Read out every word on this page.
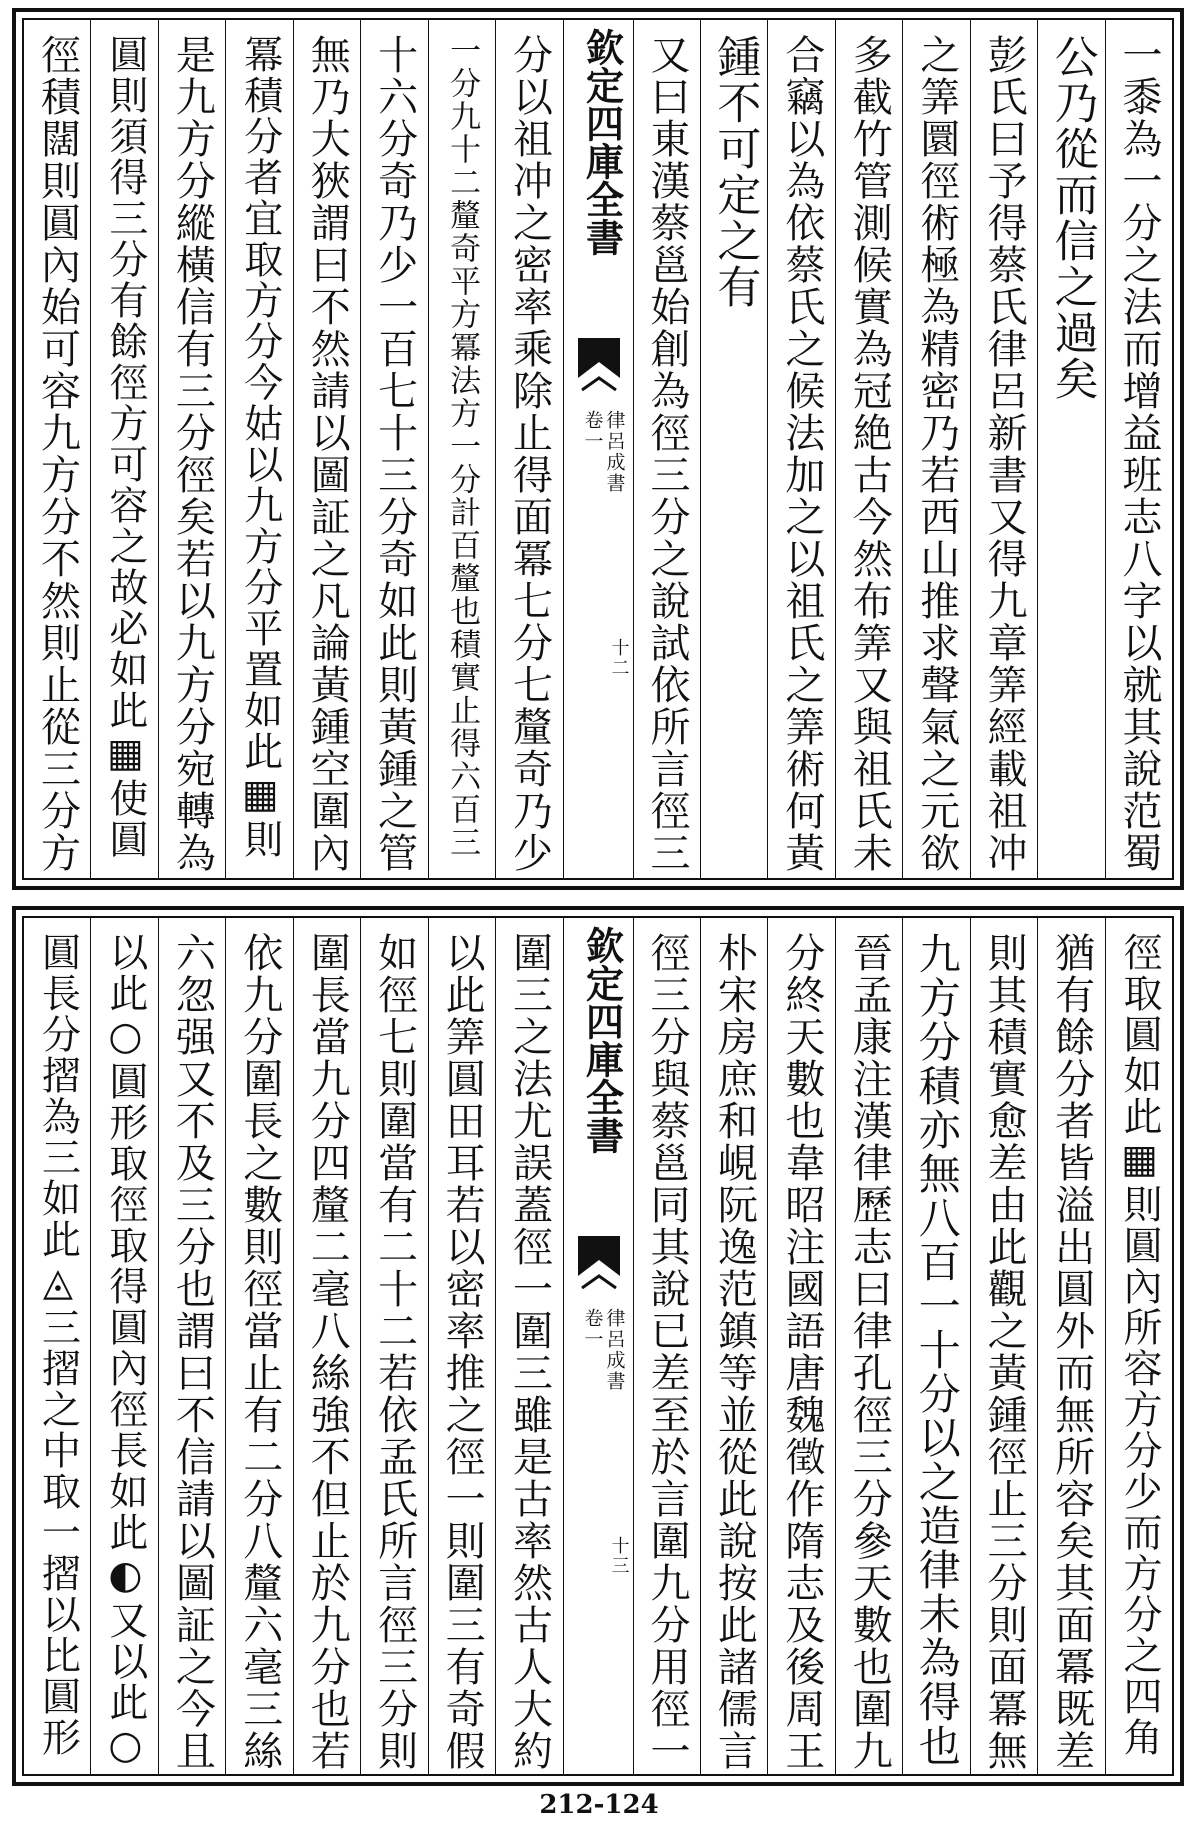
一黍為一分之法而增益班志八字以就其說范蜀
公乃從而信之過矣
彭氏曰予得蔡氏律呂新書又得九章筭經載祖冲
之筭圜徑術極為精密乃若西山推求聲氣之元欲
多截竹管測候實為冠絶古今然布筭又與祖氏未
合竊以為依蔡氏之候法加之以祖氏之筭術何黃
鍾不可定之有
又曰東漢蔡邕始創為徑三分之說試依所言徑三
欽定四庫全書
律呂成書
卷一
十二
分以祖冲之密率乘除止得面冪七分七釐奇乃少
一分九十二釐奇平方冪法方一分計百釐也積實止得六百三
十六分奇乃少一百七十三分奇如此則黃鍾之管
無乃大狹謂曰不然請以圖証之凡論黃鍾空圍內
冪積分者宜取方分今姑以九方分平置如此▦則
是九方分縱橫信有三分徑矣若以九方分宛轉為
圓則須得三分有餘徑方可容之故必如此▦使圓
徑積闊則圓內始可容九方分不然則止從三分方
徑取圓如此▦則圓內所容方分少而方分之四角
猶有餘分者皆溢出圓外而無所容矣其面冪既差
則其積實愈差由此觀之黃鍾徑止三分則面冪無
九方分積亦無八百一十分以之造律未為得也
晉孟康注漢律歷志曰律孔徑三分參天數也圍九
分終天數也韋昭注國語唐魏徵作隋志及後周王
朴宋房庶和峴阮逸范鎮等並從此說按此諸儒言
徑三分與蔡邕同其說已差至於言圍九分用徑一
欽定四庫全書
律呂成書
卷一
十三
圍三之法尤誤蓋徑一圍三雖是古率然古人大約
以此筭圓田耳若以密率推之徑一則圍三有奇假
如徑七則圍當有二十二若依孟氏所言徑三分則
圍長當九分四釐二毫八絲強不但止於九分也若
依九分圍長之數則徑當止有二分八釐六毫三絲
六忽强又不及三分也謂曰不信請以圖証之今且
以此○圓形取徑取得圓內徑長如此◐又以此○
圓長分摺為三如此◬三摺之中取一摺以比圓形
212-124
